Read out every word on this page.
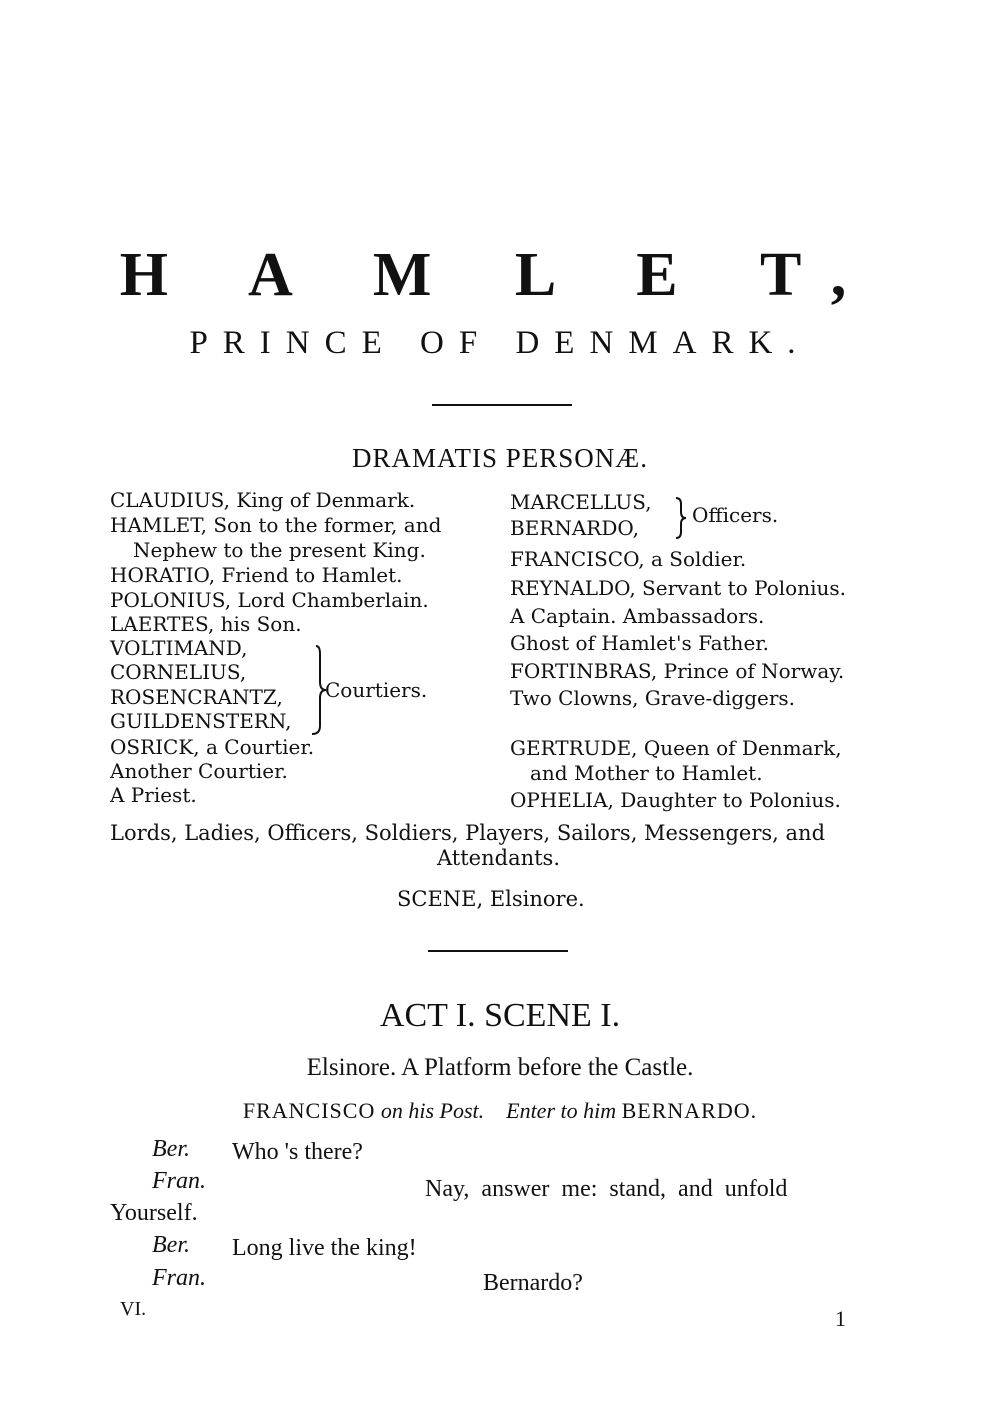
H A M L E T,
PRINCE OF DENMARK.
DRAMATIS PERSONÆ.
CLAUDIUS, King of Denmark.
HAMLET, Son to the former, and
Nephew to the present King.
HORATIO, Friend to Hamlet.
POLONIUS, Lord Chamberlain.
LAERTES, his Son.
VOLTIMAND,
CORNELIUS,
ROSENCRANTZ,
GUILDENSTERN,
Courtiers.
OSRICK, a Courtier.
Another Courtier.
A Priest.
MARCELLUS,
BERNARDO,
Officers.
FRANCISCO, a Soldier.
REYNALDO, Servant to Polonius.
A Captain. Ambassadors.
Ghost of Hamlet's Father.
FORTINBRAS, Prince of Norway.
Two Clowns, Grave-diggers.
GERTRUDE, Queen of Denmark,
and Mother to Hamlet.
OPHELIA, Daughter to Polonius.
Lords, Ladies, Officers, Soldiers, Players, Sailors, Messengers, and
Attendants.
SCENE, Elsinore.
ACT I. SCENE I.
Elsinore. A Platform before the Castle.
FRANCISCO on his Post. Enter to him BERNARDO.
Ber. Who 's there?
Fran.	Nay, answer me: stand, and unfold
Yourself.
Ber. Long live the king!
Fran.	Bernardo?
VI.	1
